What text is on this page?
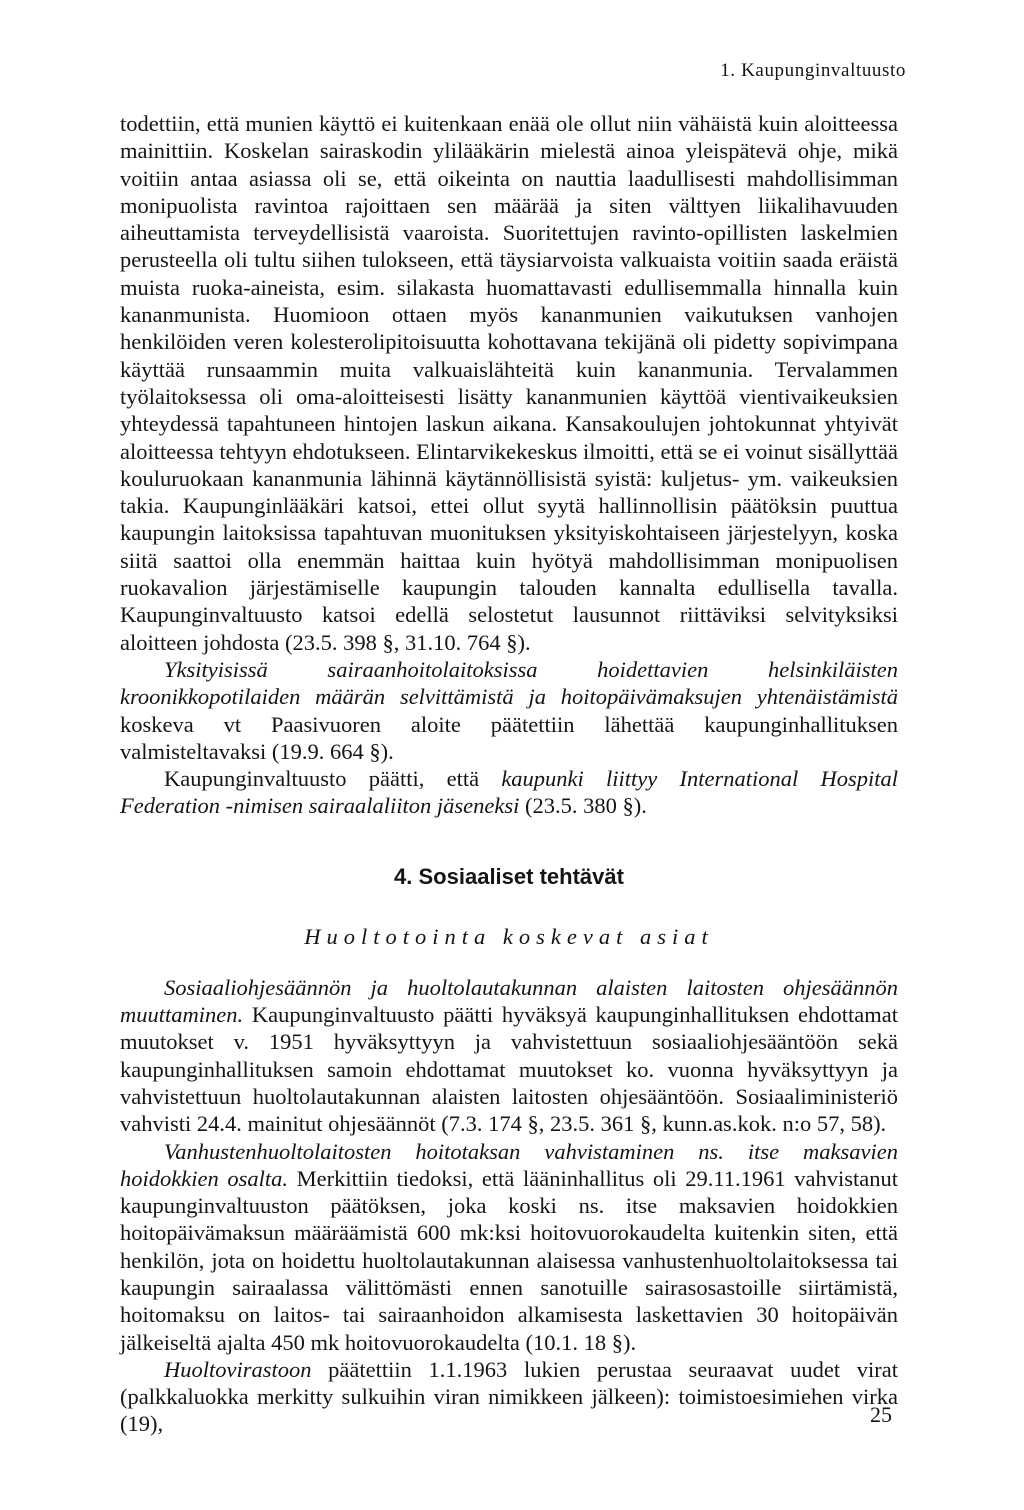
1. Kaupunginvaltuusto

todettiin, että munien käyttö ei kuitenkaan enää ole ollut niin vähäistä kuin aloitteessa mainittiin. Koskelan sairaskodin ylilääkärin mielestä ainoa yleispätevä ohje, mikä voitiin antaa asiassa oli se, että oikeinta on nauttia laadullisesti mahdollisimman monipuolista ravintoa rajoittaen sen määrää ja siten välttyen liikalihavuuden aiheuttamista terveydellisistä vaaroista. Suoritettujen ravinto-opillisten laskelmien perusteella oli tultu siihen tulokseen, että täysiarvoista valkuaista voitiin saada eräistä muista ruoka-aineista, esim. silakasta huomattavasti edullisemmalla hinnalla kuin kananmunista. Huomioon ottaen myös kananmunien vaikutuksen vanhojen henkilöiden veren kolesterolipitoisuutta kohottavana tekijänä oli pidetty sopivimpana käyttää runsaammin muita valkuaislähteitä kuin kananmunia. Tervalammen työlaitoksessa oli oma-aloitteisesti lisätty kananmunien käyttöä vientivaikeuksien yhteydessä tapahtuneen hintojen laskun aikana. Kansakoulujen johtokunnat yhtyivät aloitteessa tehtyyn ehdotukseen. Elintarvikekeskus ilmoitti, että se ei voinut sisällyttää kouluruokaan kananmunia lähinnä käytännöllisistä syistä: kuljetus- ym. vaikeuksien takia. Kaupunginlääkäri katsoi, ettei ollut syytä hallinnollisin päätöksin puuttua kaupungin laitoksissa tapahtuvan muonituksen yksityiskohtaiseen järjestelyyn, koska siitä saattoi olla enemmän haittaa kuin hyötyä mahdollisimman monipuolisen ruokavalion järjestämiselle kaupungin talouden kannalta edullisella tavalla. Kaupunginvaltuusto katsoi edellä selostetut lausunnot riittäviksi selvityksiksi aloitteen johdosta (23.5. 398 §, 31.10. 764 §).

Yksityisissä sairaanhoitolaitoksissa hoidettavien helsinkiläisten kroonikkopotilaiden määrän selvittämistä ja hoitopäivämaksujen yhtenäistämistä koskeva vt Paasivuoren aloite päätettiin lähettää kaupunginhallituksen valmisteltavaksi (19.9. 664 §).

Kaupunginvaltuusto päätti, että kaupunki liittyy International Hospital Federation -nimisen sairaalaliiton jäseneksi (23.5. 380 §).

4. Sosiaaliset tehtävät
Huoltotointa koskevat asiat

Sosiaaliohjesäännön ja huoltolautakunnan alaisten laitosten ohjesäännön muuttaminen. Kaupunginvaltuusto päätti hyväksyä kaupunginhallituksen ehdottamat muutokset v. 1951 hyväksyttyyn ja vahvistettuun sosiaaliohjesääntöön sekä kaupunginhallituksen samoin ehdottamat muutokset ko. vuonna hyväksyttyyn ja vahvistettuun huoltolautakunnan alaisten laitosten ohjesääntöön. Sosiaaliministeriö vahvisti 24.4. mainitut ohjesäännöt (7.3. 174 §, 23.5. 361 §, kunn.as.kok. n:o 57, 58).

Vanhustenhuoltolaitosten hoitotaksan vahvistaminen ns. itse maksavien hoidokkien osalta. Merkittiin tiedoksi, että lääninhallitus oli 29.11.1961 vahvistanut kaupunginvaltuuston päätöksen, joka koski ns. itse maksavien hoidokkien hoitopäivämaksun määräämistä 600 mk:ksi hoitovuorokaudelta kuitenkin siten, että henkilön, jota on hoidettu huoltolautakunnan alaisessa vanhustenhuoltolaitoksessa tai kaupungin sairaalassa välittömästi ennen sanotuille sairasosastoille siirtämistä, hoitomaksu on laitos- tai sairaanhoidon alkamisesta laskettavien 30 hoitopäivän jälkeiseltä ajalta 450 mk hoitovuorokaudelta (10.1. 18 §).

Huoltovirastoon päätettiin 1.1.1963 lukien perustaa seuraavat uudet virat (palkkaluokka merkitty sulkuihin viran nimikkeen jälkeen): toimistoesimiehen virka (19),	25
